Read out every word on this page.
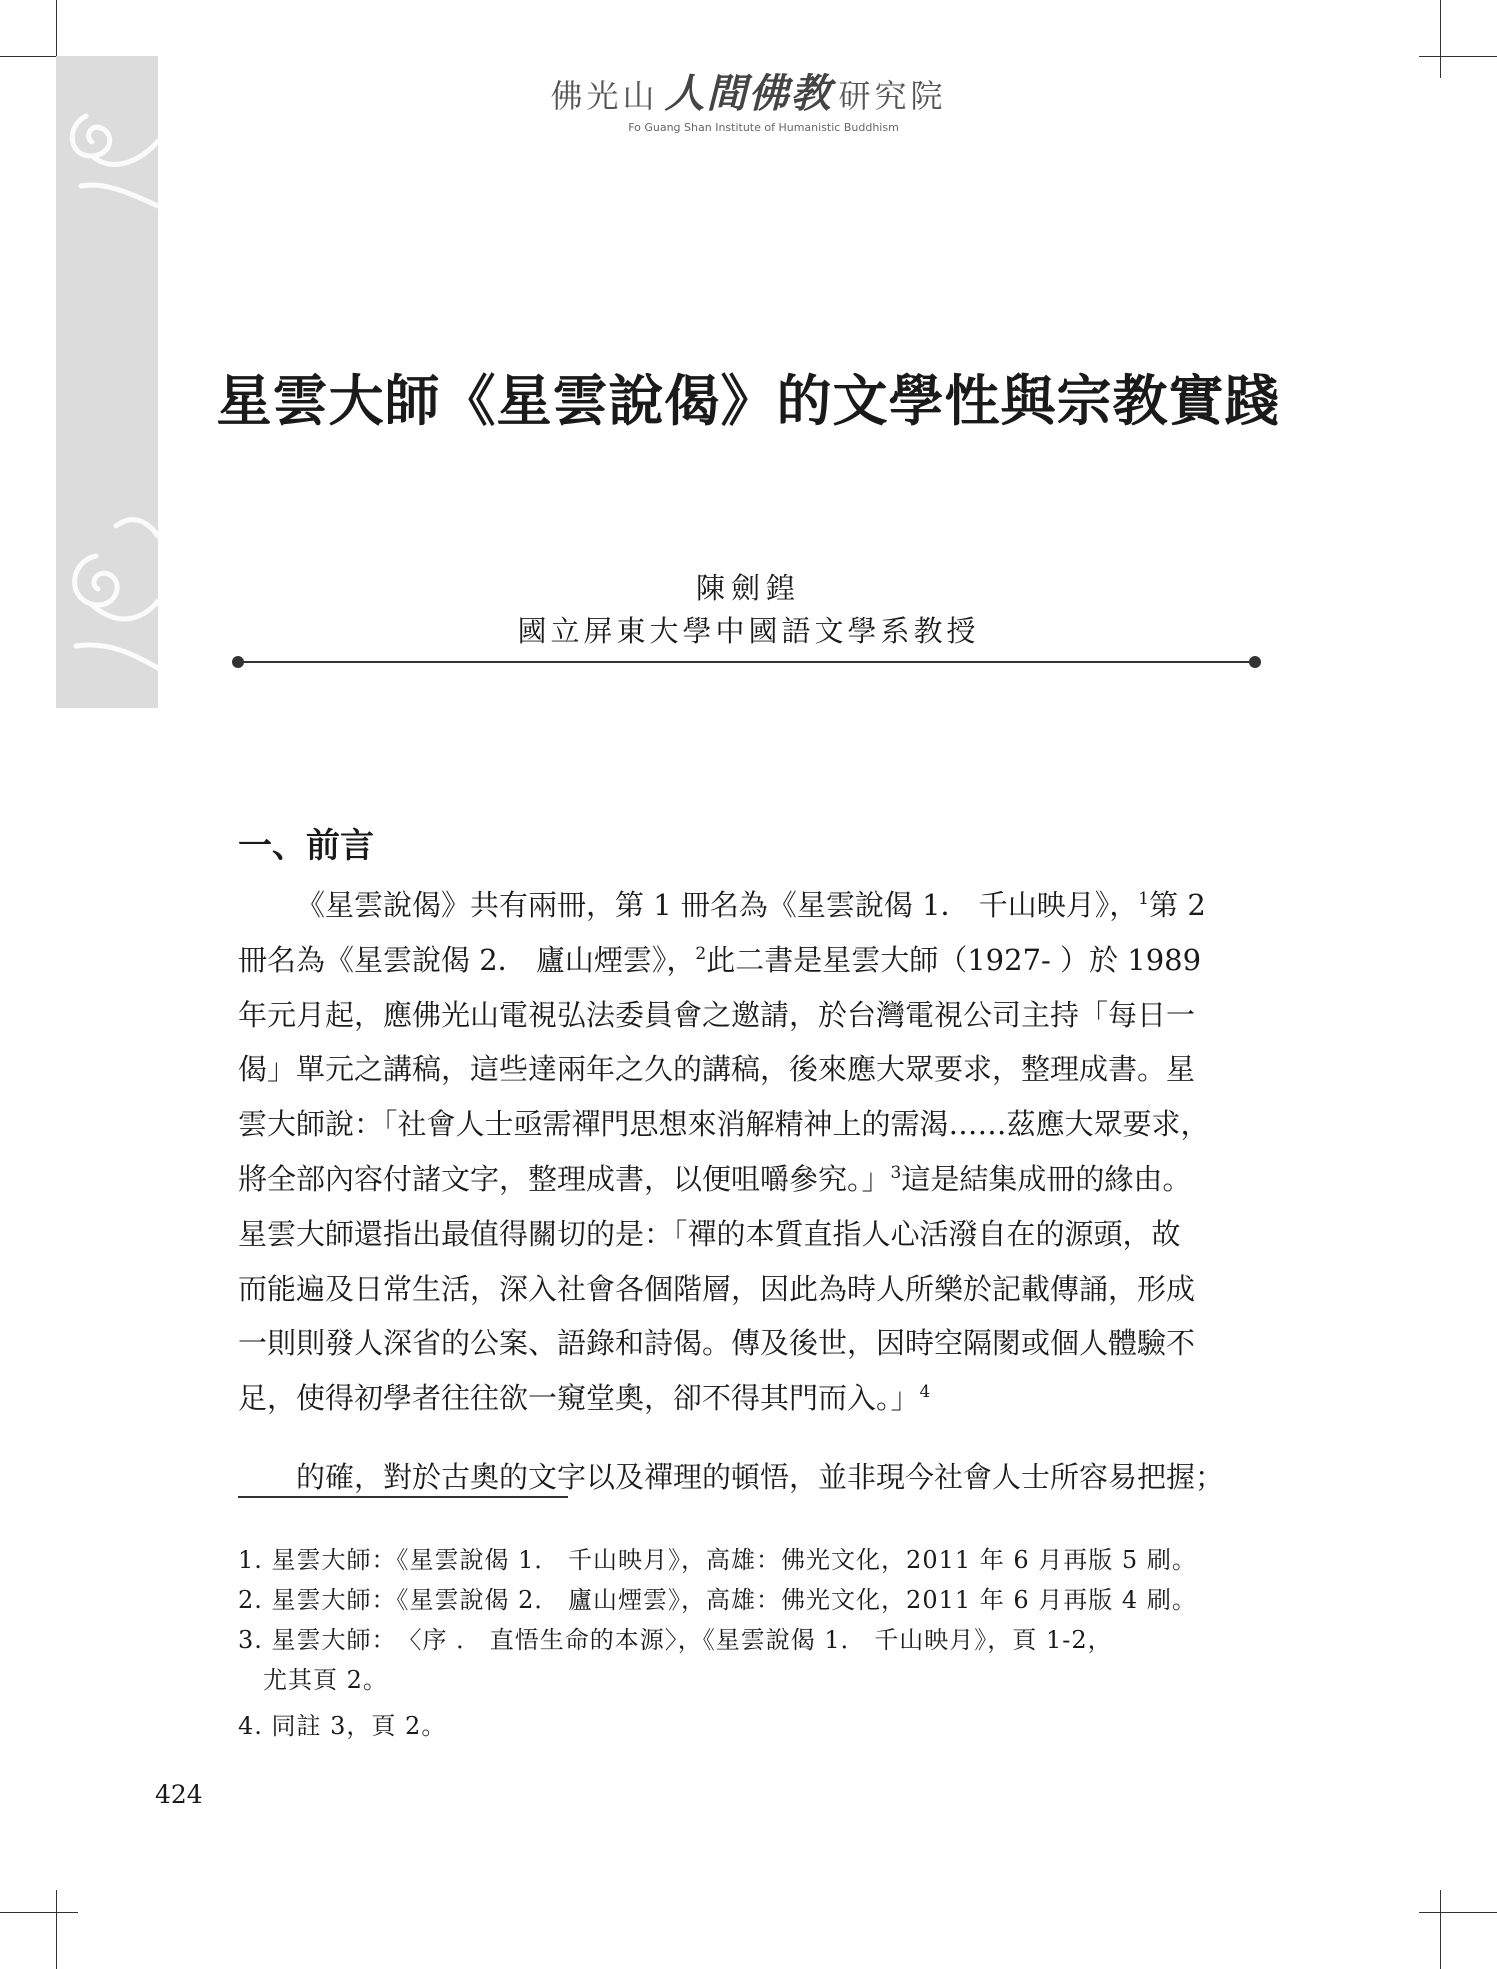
佛光山 人間佛教 研究院
Fo Guang Shan Institute of Humanistic Buddhism
星雲大師《星雲說偈》的文學性與宗教實踐
陳劍鍠
國立屏東大學中國語文學系教授
一、前言
《星雲說偈》共有兩冊，第 1 冊名為《星雲說偈 1． 千山映月》，$^1$第 2
冊名為《星雲說偈 2． 廬山煙雲》，$^2$此二書是星雲大師（1927- ）於 1989
年元月起，應佛光山電視弘法委員會之邀請，於台灣電視公司主持「每日一
偈」單元之講稿，這些達兩年之久的講稿，後來應大眾要求，整理成書。星
雲大師說：「社會人士亟需禪門思想來消解精神上的需渴……茲應大眾要求，
將全部內容付諸文字，整理成書，以便咀嚼參究。」$^3$這是結集成冊的緣由。
星雲大師還指出最值得關切的是：「禪的本質直指人心活潑自在的源頭，故
而能遍及日常生活，深入社會各個階層，因此為時人所樂於記載傳誦，形成
一則則發人深省的公案、語錄和詩偈。傳及後世，因時空隔閡或個人體驗不
足，使得初學者往往欲一窺堂奧，卻不得其門而入。」$^4$
的確，對於古奧的文字以及禪理的頓悟，並非現今社會人士所容易把握；
1. 星雲大師：《星雲說偈 1． 千山映月》，高雄：佛光文化，2011 年 6 月再版 5 刷。
2. 星雲大師：《星雲說偈 2． 廬山煙雲》，高雄：佛光文化，2011 年 6 月再版 4 刷。
3. 星雲大師：　〈序 ． 直悟生命的本源〉，《星雲說偈 1． 千山映月》，頁 1-2，
　尤其頁 2。
4. 同註 3，頁 2。
424
